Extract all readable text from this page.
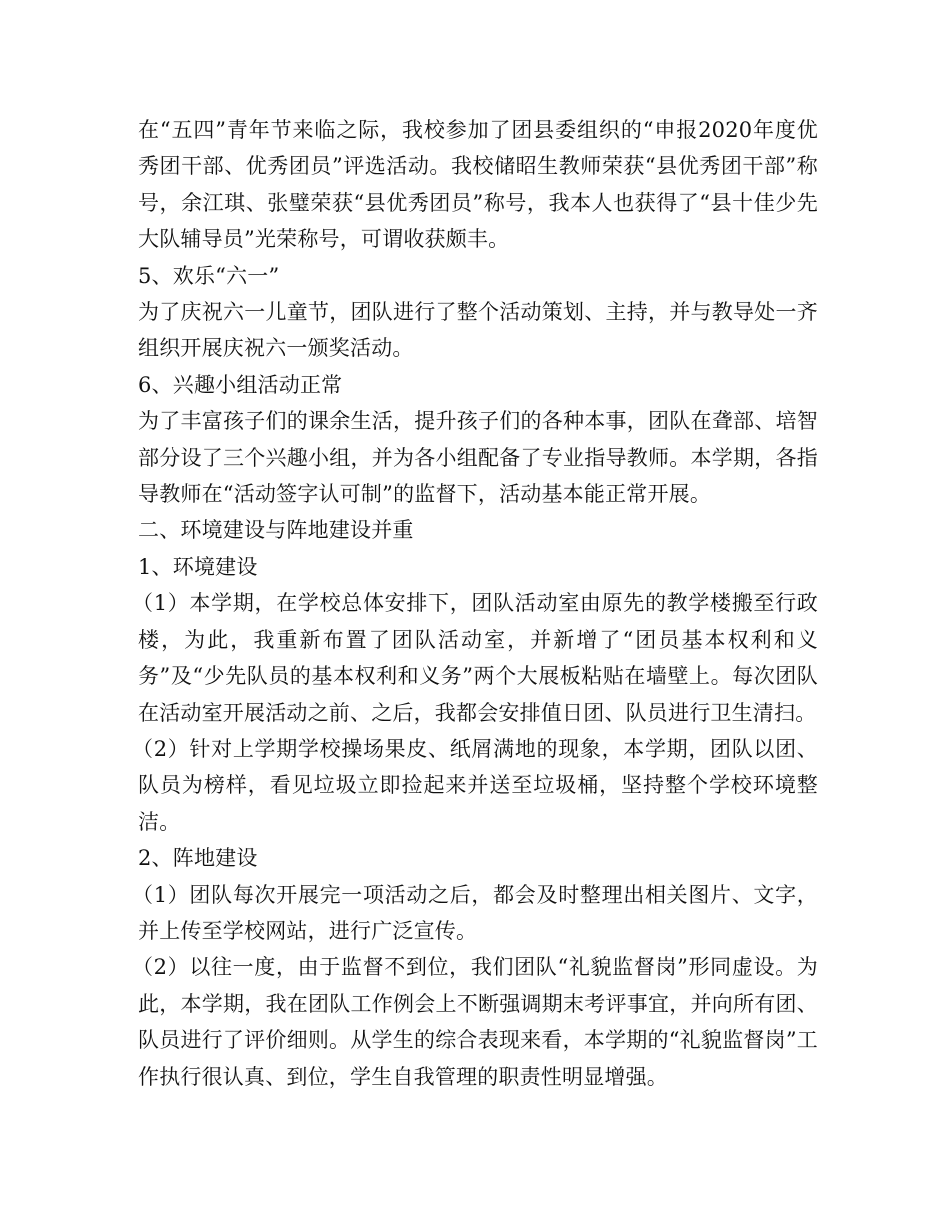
在“五四”青年节来临之际，我校参加了团县委组织的“申报2020年度优秀团干部、优秀团员”评选活动。我校储昭生教师荣获“县优秀团干部”称号，余江琪、张璧荣获“县优秀团员”称号，我本人也获得了“县十佳少先大队辅导员”光荣称号，可谓收获颇丰。

5、欢乐“六一”

为了庆祝六一儿童节，团队进行了整个活动策划、主持，并与教导处一齐组织开展庆祝六一颁奖活动。

6、兴趣小组活动正常

为了丰富孩子们的课余生活，提升孩子们的各种本事，团队在聋部、培智部分设了三个兴趣小组，并为各小组配备了专业指导教师。本学期，各指导教师在“活动签字认可制”的监督下，活动基本能正常开展。

二、环境建设与阵地建设并重

1、环境建设

（1）本学期，在学校总体安排下，团队活动室由原先的教学楼搬至行政楼，为此，我重新布置了团队活动室，并新增了“团员基本权利和义务”及“少先队员的基本权利和义务”两个大展板粘贴在墙壁上。每次团队在活动室开展活动之前、之后，我都会安排值日团、队员进行卫生清扫。

（2）针对上学期学校操场果皮、纸屑满地的现象，本学期，团队以团、队员为榜样，看见垃圾立即捡起来并送至垃圾桶，坚持整个学校环境整洁。

2、阵地建设

（1）团队每次开展完一项活动之后，都会及时整理出相关图片、文字，并上传至学校网站，进行广泛宣传。

（2）以往一度，由于监督不到位，我们团队“礼貌监督岗”形同虚设。为此，本学期，我在团队工作例会上不断强调期末考评事宜，并向所有团、队员进行了评价细则。从学生的综合表现来看，本学期的“礼貌监督岗”工作执行很认真、到位，学生自我管理的职责性明显增强。
